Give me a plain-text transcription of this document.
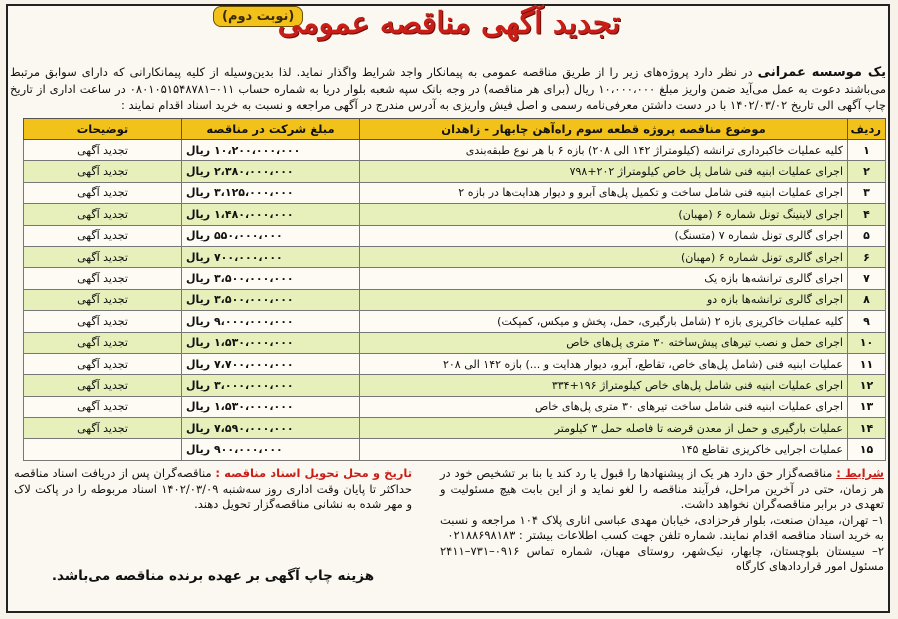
(نوبت دوم)
تجدید آگهی مناقصه عمومی
یک موسسه عمرانی در نظر دارد پروژه‌های زیر را از طریق مناقصه عمومی به پیمانکار واجد شرایط واگذار نماید. لذا بدین‌وسیله از کلیه پیمانکارانی که دارای سوابق مرتبط می‌باشند دعوت به عمل می‌آید ضمن واریز مبلغ ۱۰،۰۰۰،۰۰۰ ریال (برای هر مناقصه) در وجه بانک سپه شعبه بلوار دریا به شماره حساب ۰۱۱–۰۸۰۱۰۵۱۵۴۸۷۸۱ در ساعت اداری از تاریخ چاپ آگهی الی تاریخ ۱۴۰۲/۰۳/۰۲ با در دست داشتن معرفی‌نامه رسمی و اصل فیش واریزی به آدرس مندرج در آگهی مراجعه و نسبت به خرید اسناد اقدام نمایند :
ردیف	موضوع مناقصه پروژه قطعه سوم راه‌آهن چابهار - زاهدان	مبلغ شرکت در مناقصه	توضیحات
۱	کلیه عملیات خاکبرداری ترانشه (کیلومتراژ ۱۴۲ الی ۲۰۸) بازه ۶ با هر نوع طبقه‌بندی	۱۰،۲۰۰،۰۰۰،۰۰۰ ریال	تجدید آگهی
۲	اجرای عملیات ابنیه فنی شامل پل خاص کیلومتراژ ۲۰۲+۷۹۸	۲،۳۸۰،۰۰۰،۰۰۰ ریال	تجدید آگهی
۳	اجرای عملیات ابنیه فنی شامل ساخت و تکمیل پل‌های آبرو و دیوار هدایت‌ها در بازه ۲	۳،۱۲۵،۰۰۰،۰۰۰ ریال	تجدید آگهی
۴	اجرای لاینینگ تونل شماره ۶ (مهبان)	۱،۴۸۰،۰۰۰،۰۰۰ ریال	تجدید آگهی
۵	اجرای گالری تونل شماره ۷ (متسنگ)	۵۵۰،۰۰۰،۰۰۰ ریال	تجدید آگهی
۶	اجرای گالری تونل شماره ۶ (مهبان)	۷۰۰،۰۰۰،۰۰۰ ریال	تجدید آگهی
۷	اجرای گالری ترانشه‌ها بازه یک	۳،۵۰۰،۰۰۰،۰۰۰ ریال	تجدید آگهی
۸	اجرای گالری ترانشه‌ها بازه دو	۳،۵۰۰،۰۰۰،۰۰۰ ریال	تجدید آگهی
۹	کلیه عملیات خاکریزی بازه ۲ (شامل بارگیری، حمل، پخش و میکس، کمپکت)	۹،۰۰۰،۰۰۰،۰۰۰ ریال	تجدید آگهی
۱۰	اجرای حمل و نصب تیرهای پیش‌ساخته ۳۰ متری پل‌های خاص	۱،۵۳۰،۰۰۰،۰۰۰ ریال	تجدید آگهی
۱۱	عملیات ابنیه فنی (شامل پل‌های خاص، تقاطع، آبرو، دیوار هدایت و ...) بازه ۱۴۲ الی ۲۰۸	۷،۷۰۰،۰۰۰،۰۰۰ ریال	تجدید آگهی
۱۲	اجرای عملیات ابنیه فنی شامل پل‌های خاص کیلومتراژ ۱۹۶+۳۳۴	۳،۰۰۰،۰۰۰،۰۰۰ ریال	تجدید آگهی
۱۳	اجرای عملیات ابنیه فنی شامل ساخت تیرهای ۳۰ متری پل‌های خاص	۱،۵۳۰،۰۰۰،۰۰۰ ریال	تجدید آگهی
۱۴	عملیات بارگیری و حمل از معدن قرضه تا فاصله حمل ۳ کیلومتر	۷،۵۹۰،۰۰۰،۰۰۰ ریال	تجدید آگهی
۱۵	عملیات اجرایی خاکریزی تقاطع ۱۴۵	۹۰۰،۰۰۰،۰۰۰ ریال	
شرایط : مناقصه‌گزار حق دارد هر یک از پیشنهادها را قبول یا رد کند یا بنا بر تشخیص خود در هر زمان، حتی در آخرین مراحل، فرآیند مناقصه را لغو نماید و از این بابت هیچ مسئولیت و تعهدی در برابر مناقصه‌گران نخواهد داشت.
۱– تهران، میدان صنعت، بلوار فرحزادی، خیابان مهدی عباسی اناری پلاک ۱۰۴ مراجعه و نسبت به خرید اسناد مناقصه اقدام نمایند. شماره تلفن جهت کسب اطلاعات بیشتر : ۰۲۱۸۸۶۹۸۱۸۳
۲– سیستان بلوچستان، چابهار، نیک‌شهر، روستای مهبان، شماره تماس ۰۹۱۶–۷۳۱–۲۴۱۱ مسئول امور قراردادهای کارگاه
تاریخ و محل تحویل اسناد مناقصه : مناقصه‌گران پس از دریافت اسناد مناقصه حداکثر تا پایان وقت اداری روز سه‌شنبه ۱۴۰۲/۰۳/۰۹ اسناد مربوطه را در پاکت لاک و مهر شده به نشانی مناقصه‌گزار تحویل دهند.
هزینه چاپ آگهی بر عهده برنده مناقصه می‌باشد.
